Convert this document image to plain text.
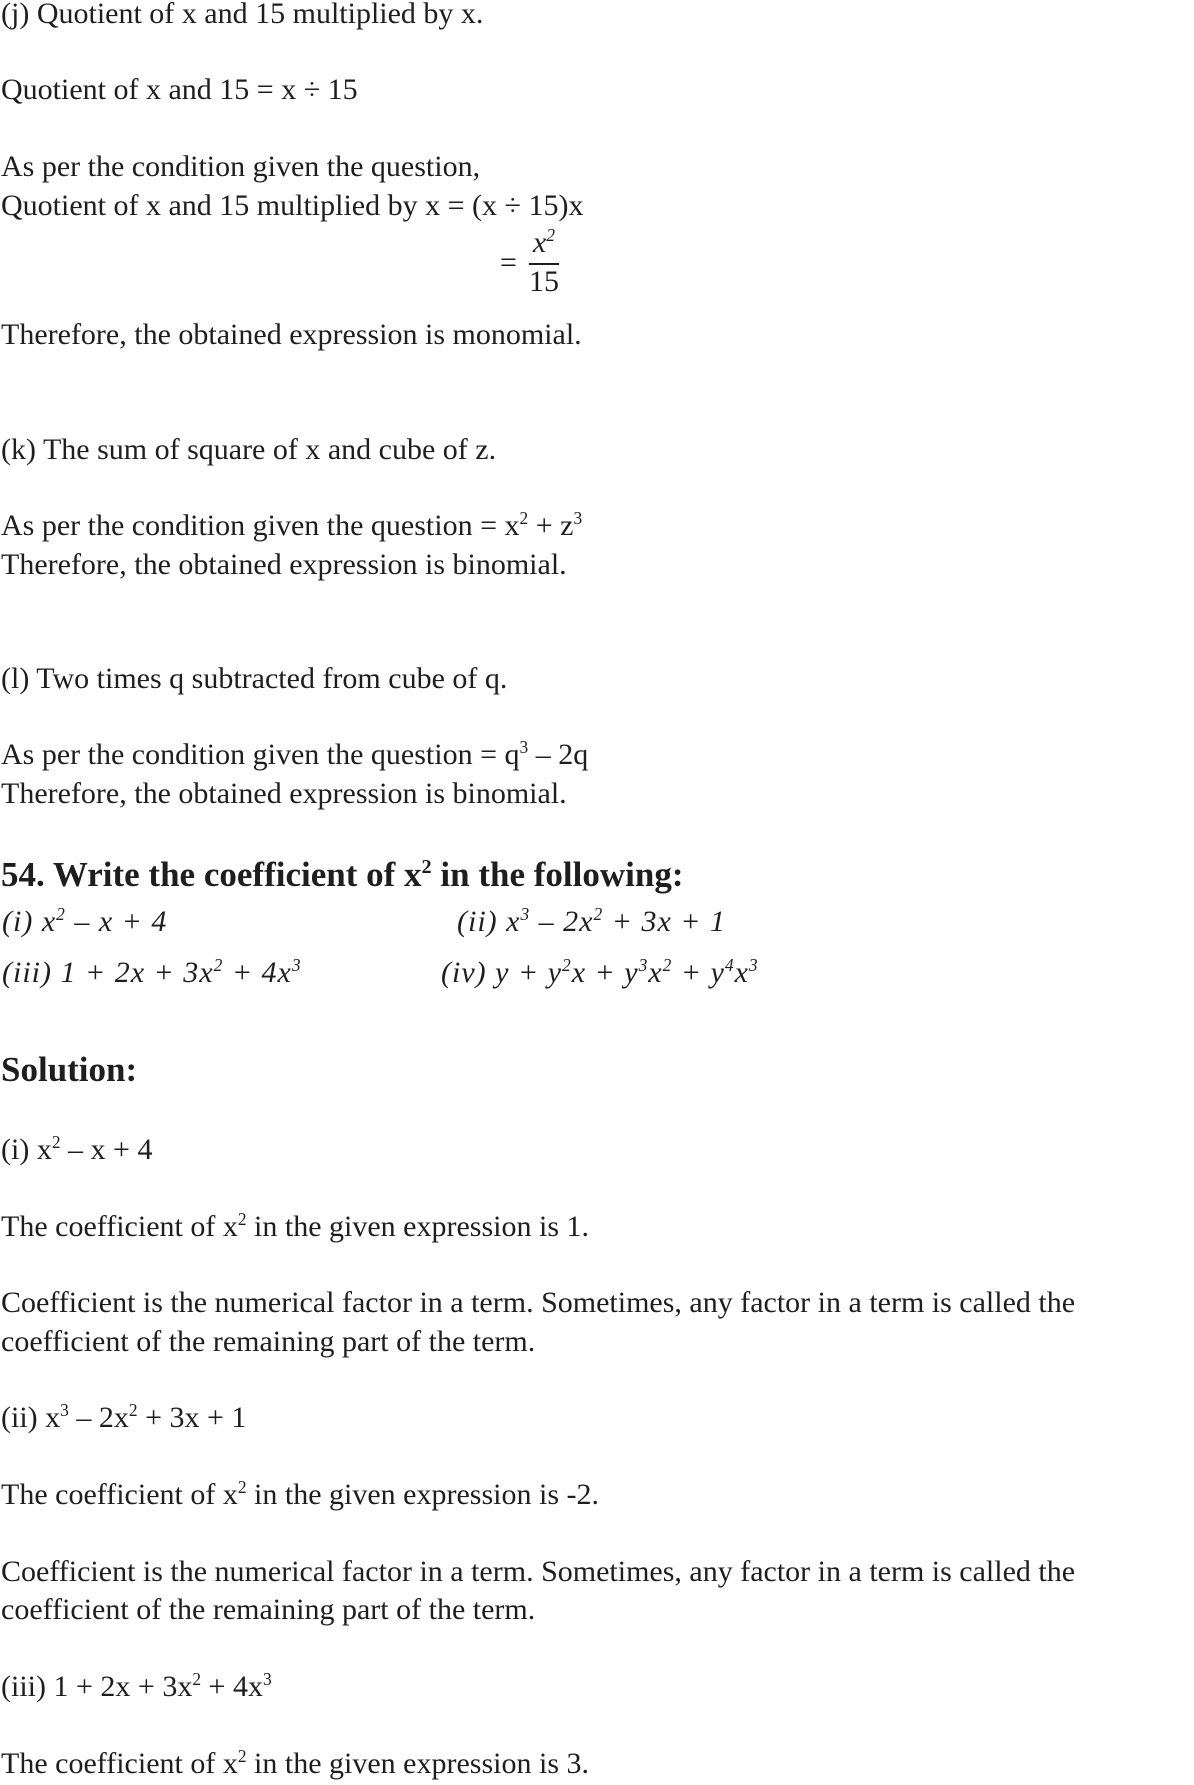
= $\frac{x^2}{15}$
54. Write the coefficient of $x^2$ in the following:
Solution:
(j) Quotient of x and 15 multiplied by x.
Quotient of x and 15 = x ÷ 15
As per the condition given the question,
Quotient of x and 15 multiplied by x = (x ÷ 15)x
Therefore, the obtained expression is monomial.
(k) The sum of square of x and cube of z.
As per the condition given the question = $x^2 + z^3$
Therefore, the obtained expression is binomial.
(l) Two times q subtracted from cube of q.
As per the condition given the question = $q^3 - 2q$
Therefore, the obtained expression is binomial.
(i) $x^2 - x + 4$
The coefficient of $x^2$ in the given expression is 1.
Coefficient is the numerical factor in a term. Sometimes, any factor in a term is called the
coefficient of the remaining part of the term.
(ii) $x^3 - 2x^2 + 3x + 1$
The coefficient of $x^2$ in the given expression is -2.
Coefficient is the numerical factor in a term. Sometimes, any factor in a term is called the
coefficient of the remaining part of the term.
(iii) $1 + 2x + 3x^2 + 4x^3$
The coefficient of $x^2$ in the given expression is 3.
(i) $x^2 - x + 4$	(ii) $x^3 - 2x^2 + 3x + 1$
(iii) $1 + 2x + 3x^2 + 4x^3$	(iv) $y + y^2x + y^3x^2 + y^4x^3$
